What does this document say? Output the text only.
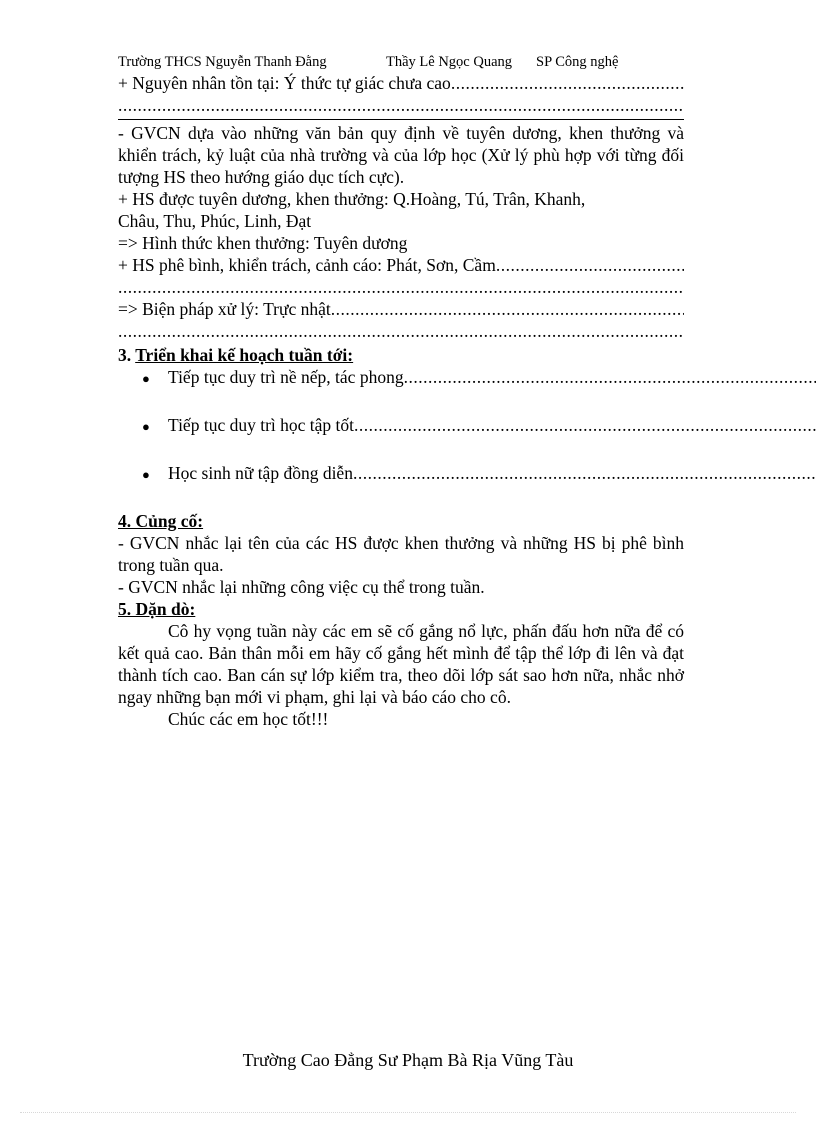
Trường THCS Nguyễn Thanh Đằng	Thầy Lê Ngọc Quang SP Công nghệ
+ Nguyên nhân tồn tại: Ý thức tự giác chưa cao
.....
.....
- GVCN dựa vào những văn bản quy định về tuyên dương, khen thưởng và khiển trách, kỷ luật của nhà trường và của lớp học (Xử lý phù hợp với từng đối tượng HS theo hướng giáo dục tích cực).
+ HS được tuyên dương, khen thưởng: Q.Hoàng, Tú, Trân, Khanh,
Châu, Thu, Phúc, Linh, Đạt
=> Hình thức khen thưởng: Tuyên dương
+ HS phê bình, khiển trách, cảnh cáo: Phát, Sơn, Cầm
.....
.....
=> Biện pháp xử lý: Trực nhật
.....
.....
3. Triển khai kế hoạch tuần tới:
●	Tiếp tục duy trì nề nếp, tác phong
.....
●	Tiếp tục duy trì học tập tốt
.....
●	Học sinh nữ tập đồng diễn
.....
4. Củng cố:
- GVCN nhắc lại tên của các HS được khen thưởng và những HS bị phê bình trong tuần qua.
- GVCN nhắc lại những công việc cụ thể trong tuần.
5. Dặn dò:
Cô hy vọng tuần này các em sẽ cố gắng nổ lực, phấn đấu hơn nữa để có kết quả cao. Bản thân mỗi em hãy cố gắng hết mình để tập thể lớp đi lên và đạt thành tích cao. Ban cán sự lớp kiểm tra, theo dõi lớp sát sao hơn nữa, nhắc nhở ngay những bạn mới vi phạm, ghi lại và báo cáo cho cô.
Chúc các em học tốt!!!
Trường Cao Đẳng Sư Phạm Bà Rịa Vũng Tàu
